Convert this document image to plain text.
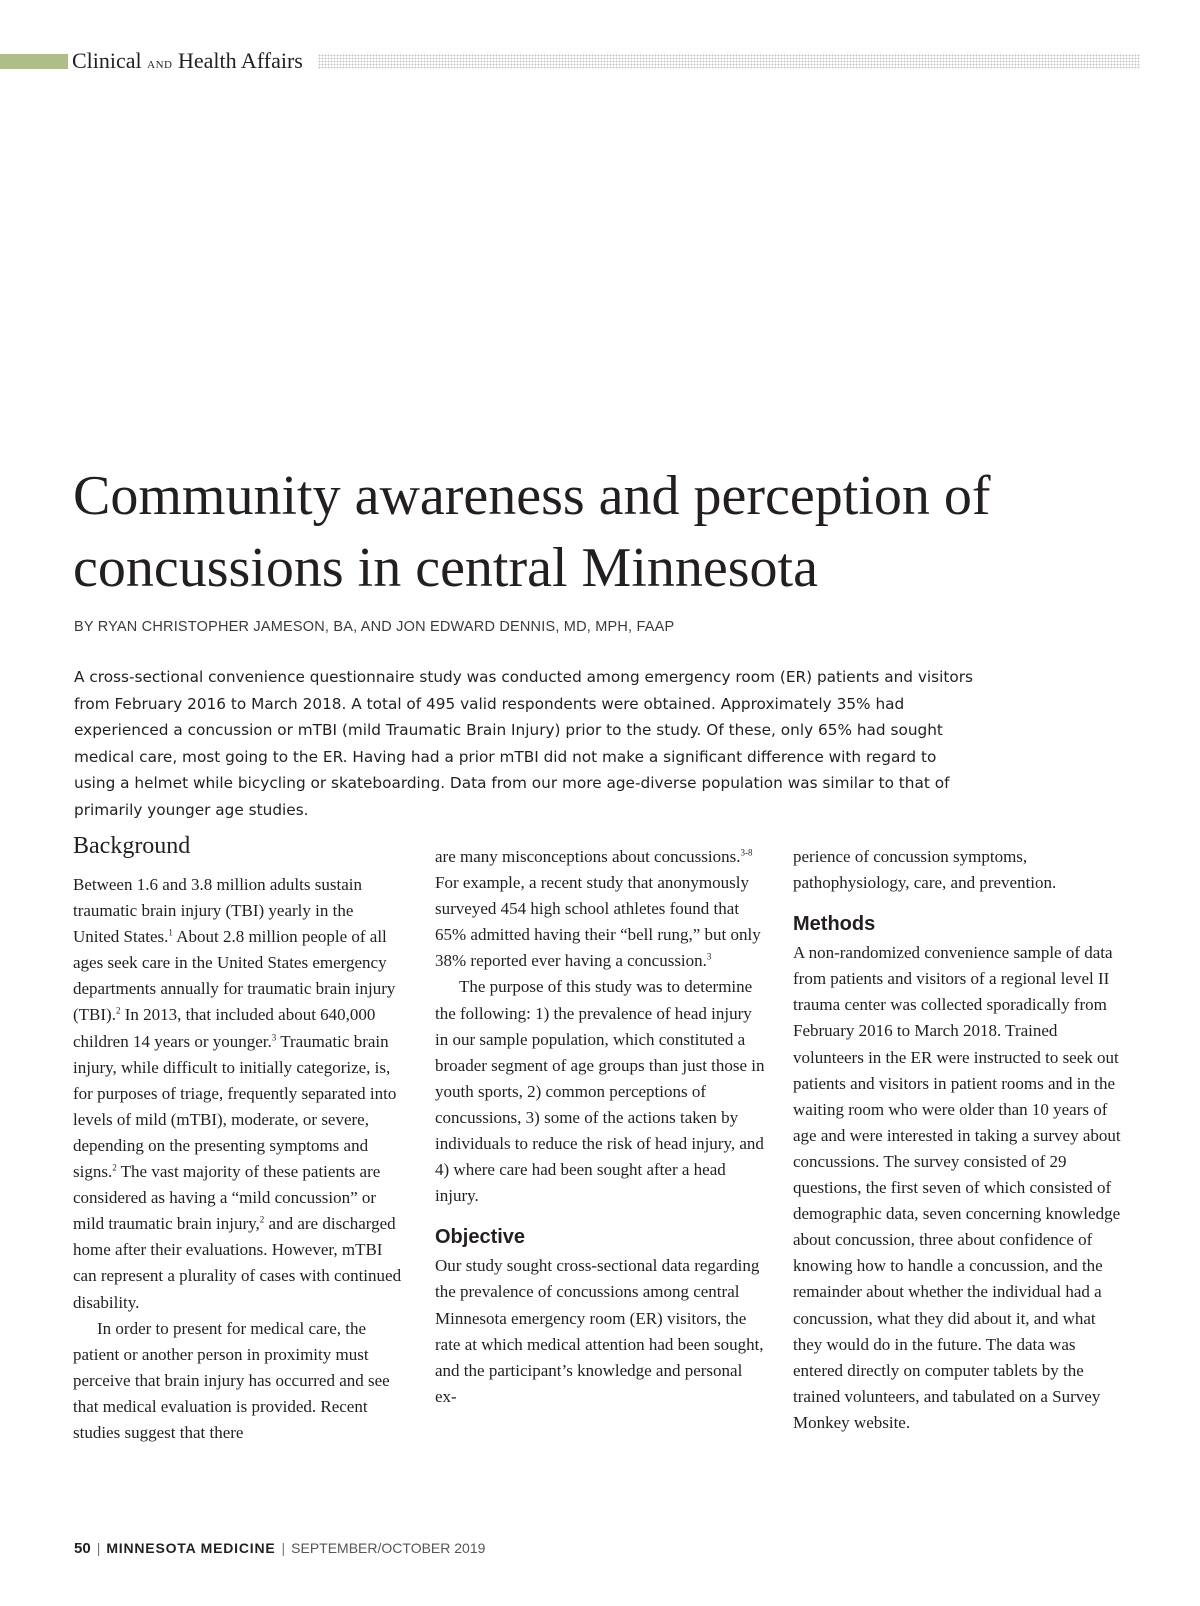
Clinical AND Health Affairs
Community awareness and perception of concussions in central Minnesota
BY RYAN CHRISTOPHER JAMESON, BA, AND JON EDWARD DENNIS, MD, MPH, FAAP

A cross-sectional convenience questionnaire study was conducted among emergency room (ER) patients and visitors from February 2016 to March 2018. A total of 495 valid respondents were obtained. Approximately 35% had experienced a concussion or mTBI (mild Traumatic Brain Injury) prior to the study. Of these, only 65% had sought medical care, most going to the ER. Having had a prior mTBI did not make a significant difference with regard to using a helmet while bicycling or skateboarding. Data from our more age-diverse population was similar to that of primarily younger age studies.

Background

Between 1.6 and 3.8 million adults sustain traumatic brain injury (TBI) yearly in the United States.$^1$ About 2.8 million people of all ages seek care in the United States emergency departments annually for traumatic brain injury (TBI).$^2$ In 2013, that included about 640,000 children 14 years or younger.$^3$ Traumatic brain injury, while difficult to initially categorize, is, for purposes of triage, frequently separated into levels of mild (mTBI), moderate, or severe, depending on the presenting symptoms and signs.$^2$ The vast majority of these patients are considered as having a “mild concussion” or mild traumatic brain injury,$^2$ and are discharged home after their evaluations. However, mTBI can represent a plurality of cases with continued disability.

In order to present for medical care, the patient or another person in proximity must perceive that brain injury has occurred and see that medical evaluation is provided. Recent studies suggest that there

are many misconceptions about concussions.$^{3-8}$ For example, a recent study that anonymously surveyed 454 high school athletes found that 65% admitted having their “bell rung,” but only 38% reported ever having a concussion.$^3$

The purpose of this study was to determine the following: 1) the prevalence of head injury in our sample population, which constituted a broader segment of age groups than just those in youth sports, 2) common perceptions of concussions, 3) some of the actions taken by individuals to reduce the risk of head injury, and 4) where care had been sought after a head injury.

Objective

Our study sought cross-sectional data regarding the prevalence of concussions among central Minnesota emergency room (ER) visitors, the rate at which medical attention had been sought, and the participant’s knowledge and personal ex-

perience of concussion symptoms, pathophysiology, care, and prevention.

Methods

A non-randomized convenience sample of data from patients and visitors of a regional level II trauma center was collected sporadically from February 2016 to March 2018. Trained volunteers in the ER were instructed to seek out patients and visitors in patient rooms and in the waiting room who were older than 10 years of age and were interested in taking a survey about concussions. The survey consisted of 29 questions, the first seven of which consisted of demographic data, seven concerning knowledge about concussion, three about confidence of knowing how to handle a concussion, and the remainder about whether the individual had a concussion, what they did about it, and what they would do in the future. The data was entered directly on computer tablets by the trained volunteers, and tabulated on a Survey Monkey website.

50 | MINNESOTA MEDICINE | SEPTEMBER/OCTOBER 2019
